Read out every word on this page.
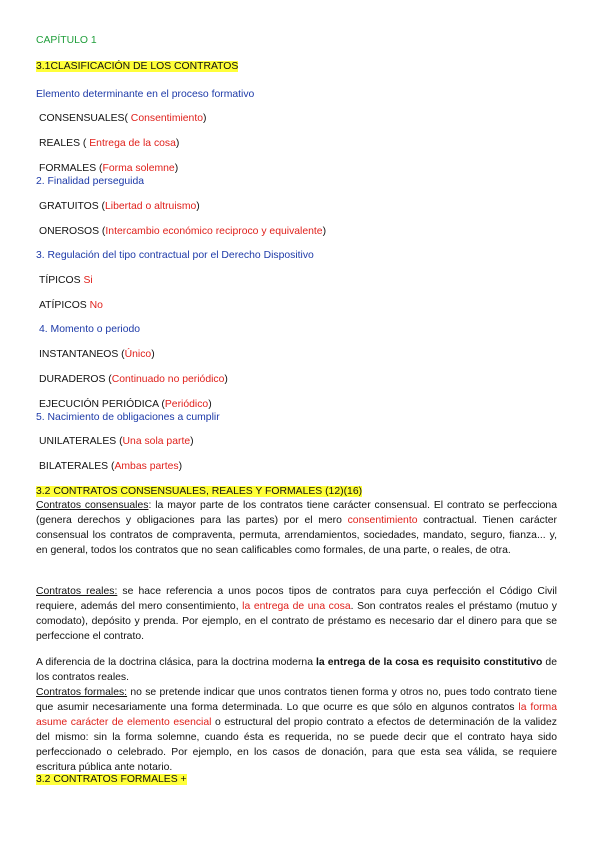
CAPÍTULO 1
3.1CLASIFICACIÓN DE LOS CONTRATOS
Elemento determinante en el proceso formativo
CONSENSUALES( Consentimiento)
REALES ( Entrega de la cosa)
FORMALES (Forma solemne)
2. Finalidad perseguida
GRATUITOS (Libertad o altruismo)
ONEROSOS (Intercambio económico reciproco y equivalente)
3. Regulación del tipo contractual por el Derecho Dispositivo
TÍPICOS Si
ATÍPICOS No
4. Momento o periodo
INSTANTANEOS (Único)
DURADEROS (Continuado no periódico)
EJECUCIÓN PERIÓDICA (Periódico)
5. Nacimiento de obligaciones a cumplir
UNILATERALES (Una sola parte)
BILATERALES (Ambas partes)
3.2 CONTRATOS CONSENSUALES, REALES Y FORMALES (12)(16)
Contratos consensuales: la mayor parte de los contratos tiene carácter consensual. El contrato se perfecciona (genera derechos y obligaciones para las partes) por el mero consentimiento contractual. Tienen carácter consensual los contratos de compraventa, permuta, arrendamientos, sociedades, mandato, seguro, fianza... y, en general, todos los contratos que no sean calificables como formales, de una parte, o reales, de otra.
Contratos reales: se hace referencia a unos pocos tipos de contratos para cuya perfección el Código Civil requiere, además del mero consentimiento, la entrega de una cosa. Son contratos reales el préstamo (mutuo y comodato), depósito y prenda. Por ejemplo, en el contrato de préstamo es necesario dar el dinero para que se perfeccione el contrato.
A diferencia de la doctrina clásica, para la doctrina moderna la entrega de la cosa es requisito constitutivo de los contratos reales.
Contratos formales: no se pretende indicar que unos contratos tienen forma y otros no, pues todo contrato tiene que asumir necesariamente una forma determinada. Lo que ocurre es que sólo en algunos contratos la forma asume carácter de elemento esencial o estructural del propio contrato a efectos de determinación de la validez del mismo: sin la forma solemne, cuando ésta es requerida, no se puede decir que el contrato haya sido perfeccionado o celebrado. Por ejemplo, en los casos de donación, para que esta sea válida, se requiere escritura pública ante notario.
3.2 CONTRATOS FORMALES +
